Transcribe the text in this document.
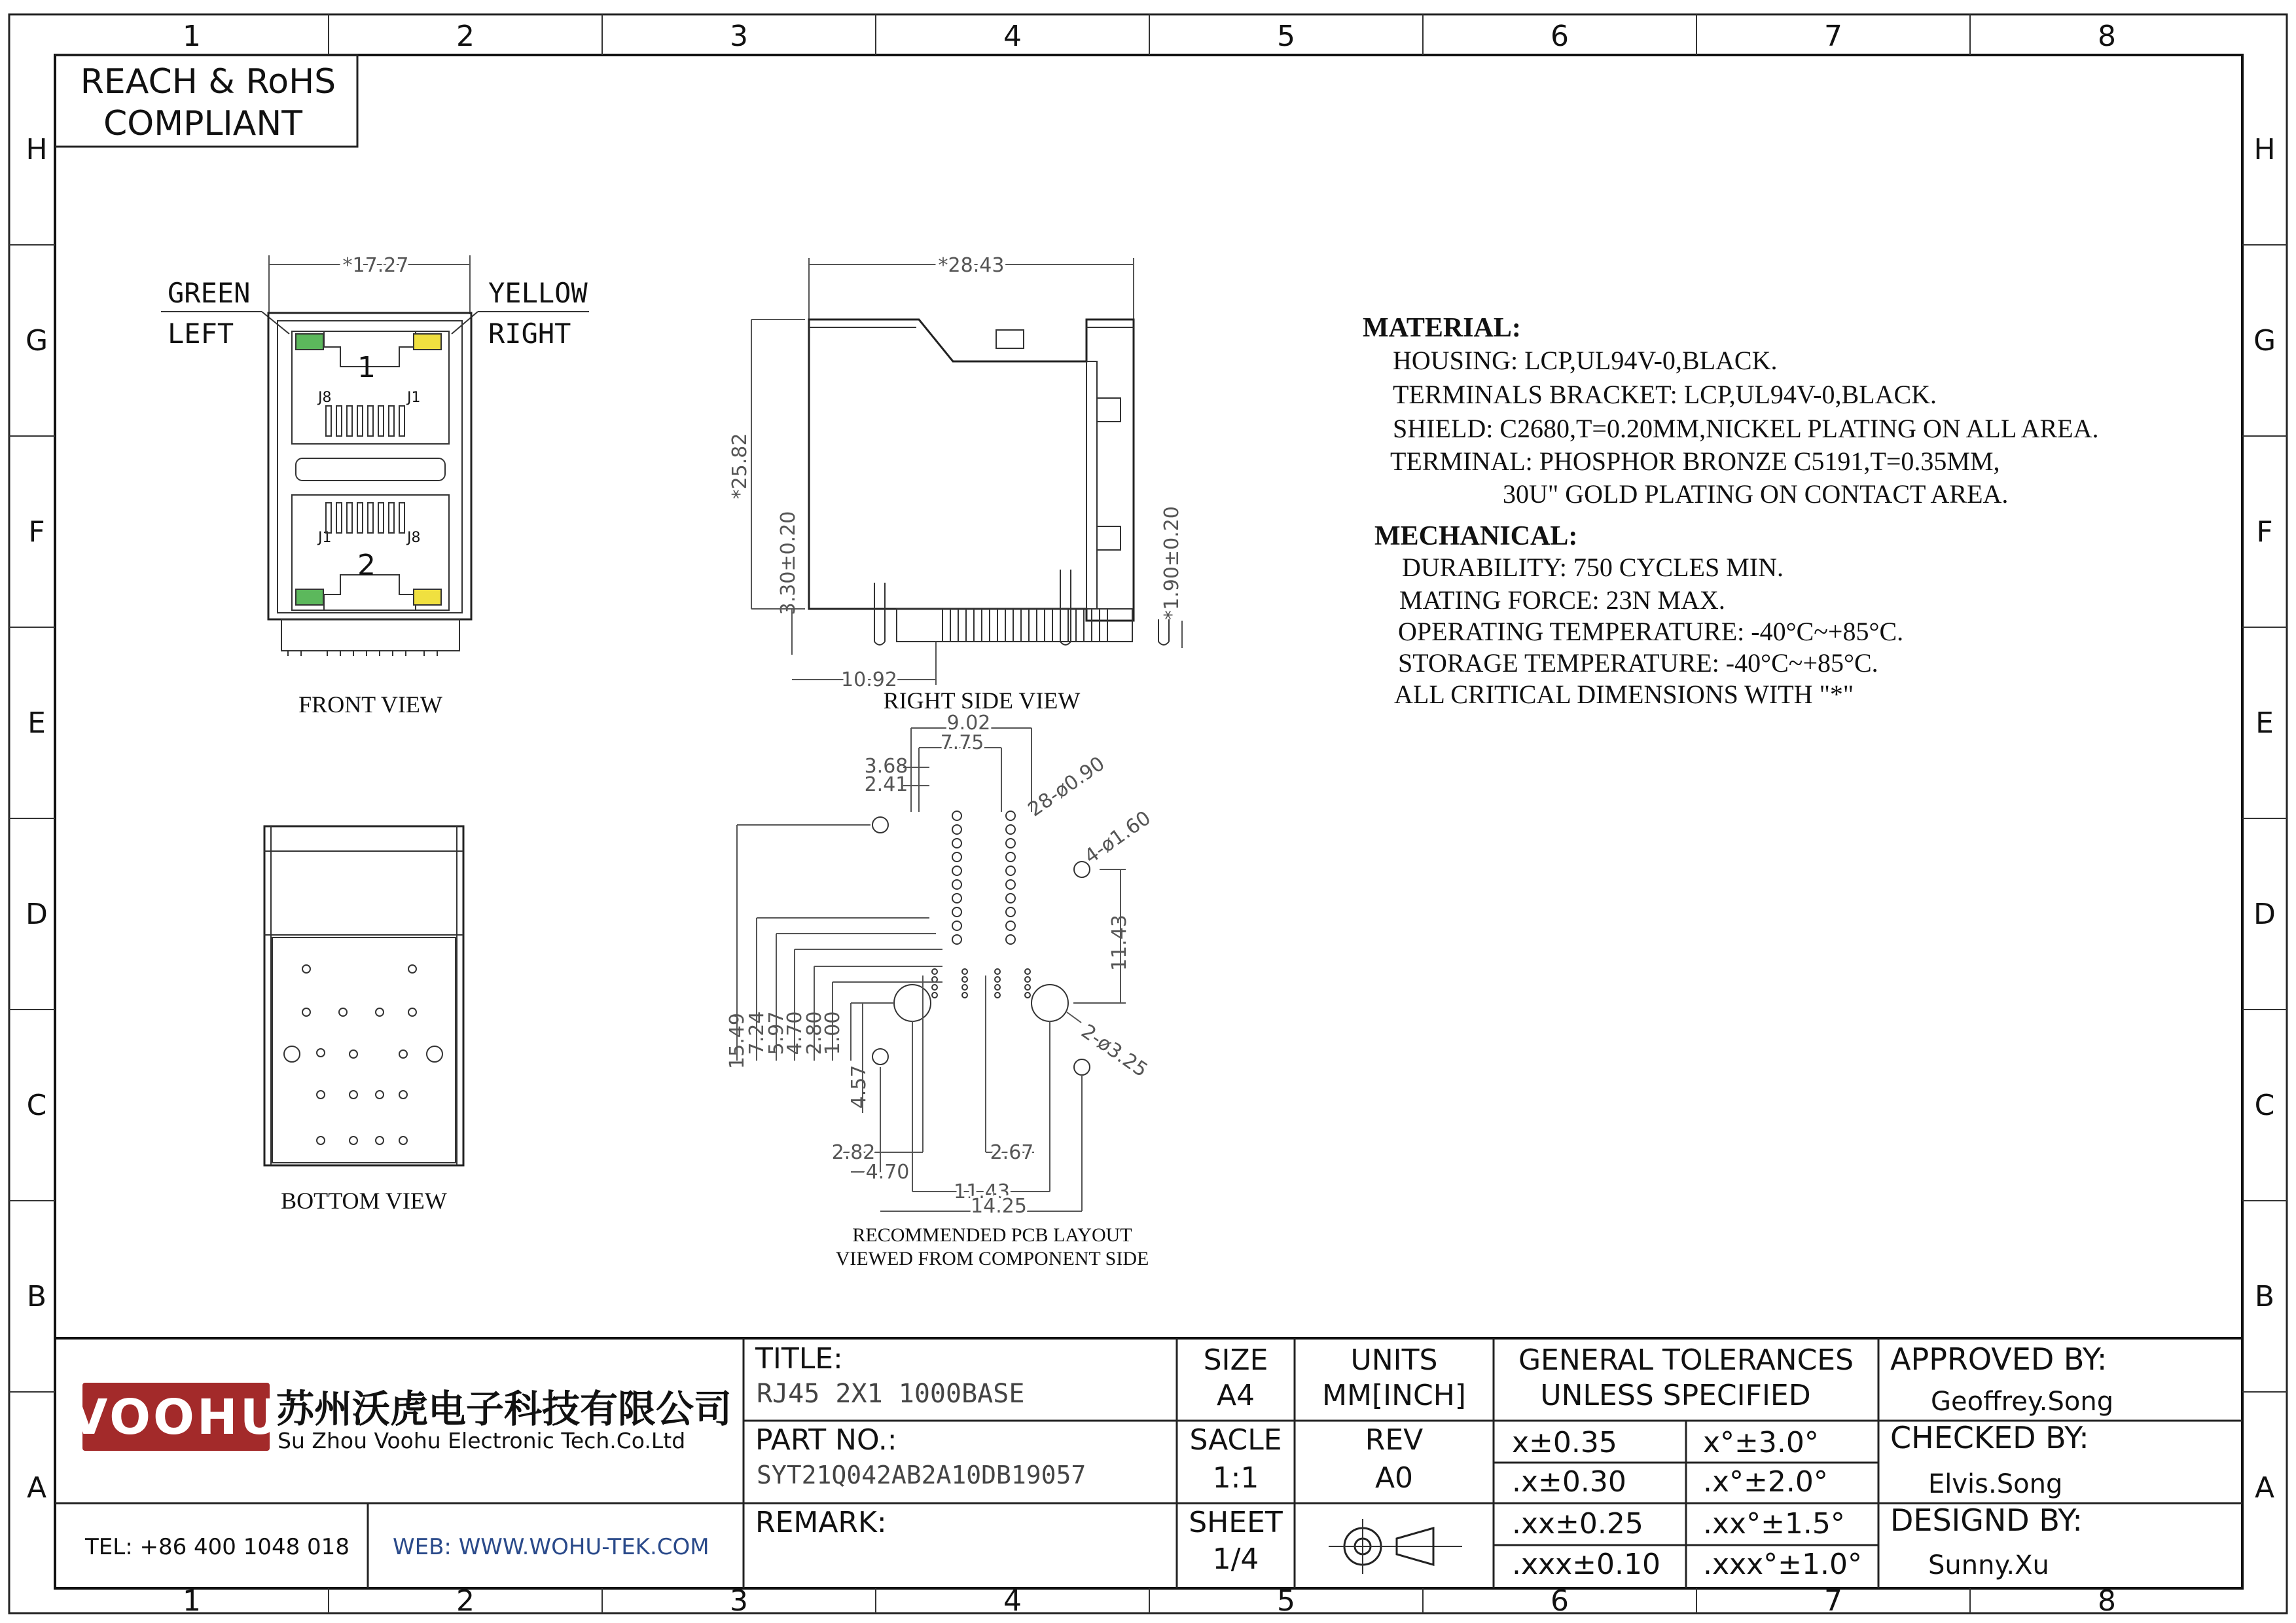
1	2	3	4	5	6	7	8
1	2	3	4	5	6	7	8
H
G
F
E
D
C
B
A
H
G
F
E
D
C
B
A
REACH & RoHS
COMPLIANT
*17.27
GREEN
LEFT
YELLOW
RIGHT
1
J8	J1
2
J1	J8
FRONT VIEW
*28.43
*25.82
3.30±0.20	*1.90±0.20
10.92
RIGHT SIDE VIEW
BOTTOM VIEW
9.02
7.75
3.68
2.41	28-ø0.90
4-ø1.60
2-ø3.25
11.43
15.49
7.24
5.97
4.70
2.80
1.00
4.57
2.82	2.67
4.70
11.43
14.25
RECOMMENDED PCB LAYOUT
VIEWED FROM COMPONENT SIDE
MATERIAL:
HOUSING: LCP,UL94V-0,BLACK.
TERMINALS BRACKET: LCP,UL94V-0,BLACK.
SHIELD: C2680,T=0.20MM,NICKEL PLATING ON ALL AREA.
TERMINAL: PHOSPHOR BRONZE C5191,T=0.35MM,
30U" GOLD PLATING ON CONTACT AREA.
MECHANICAL:
DURABILITY: 750 CYCLES MIN.
MATING FORCE: 23N MAX.
OPERATING TEMPERATURE: -40°C~+85°C.
STORAGE TEMPERATURE: -40°C~+85°C.
ALL CRITICAL DIMENSIONS WITH "*"
VOOHU
苏州沃虎电子科技有限公司
Su Zhou Voohu Electronic Tech.Co.Ltd
TEL: +86 400 1048 018 WEB: WWW.WOHU-TEK.COM
TITLE:
RJ45 2X1 1000BASE
PART NO.:
SYT21Q042AB2A10DB19057
REMARK:
SIZE
A4
UNITS
MM[INCH]
SACLE
1:1
REV
A0
SHEET
1/4
GENERAL TOLERANCES
UNLESS SPECIFIED
x±0.35	x°±3.0°
.x±0.30	.x°±2.0°
.xx±0.25 .xx°±1.5°
.xxx±0.10 .xxx°±1.0°
APPROVED BY:
Geoffrey.Song
CHECKED BY:
Elvis.Song
DESIGND BY:
Sunny.Xu
